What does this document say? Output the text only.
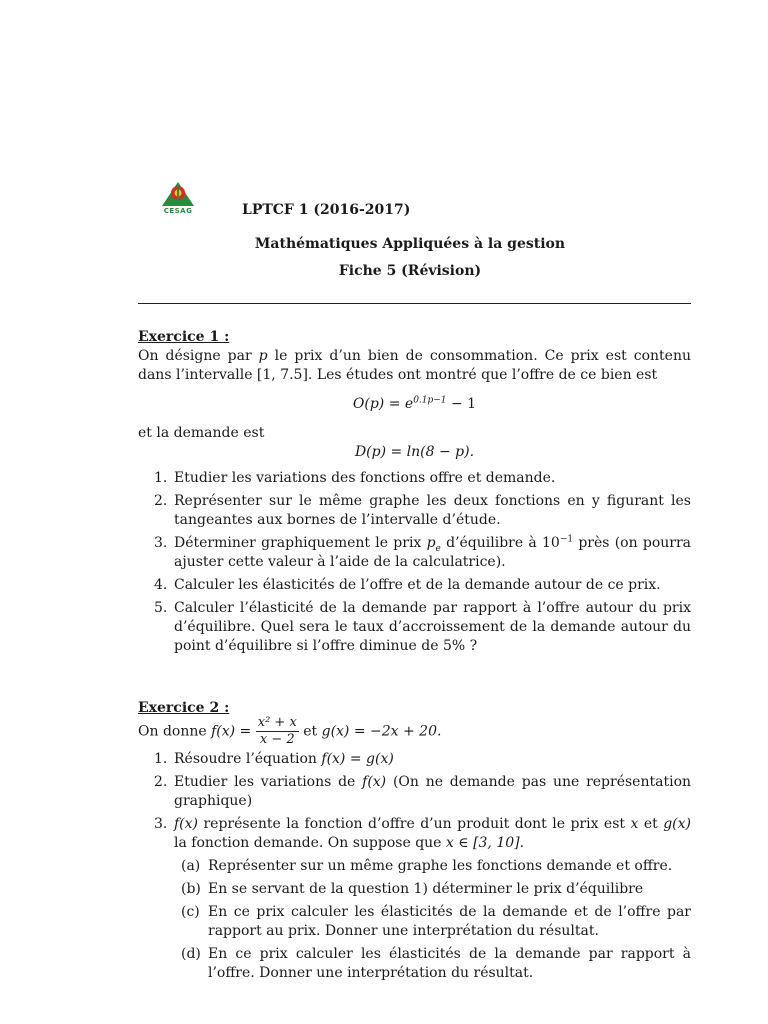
CESAG	LPTCF 1 (2016-2017)
Mathématiques Appliquées à la gestion
Fiche 5 (Révision)

Exercice 1 :

On désigne par p le prix d’un bien de consommation. Ce prix est contenu dans l’intervalle [1, 7.5]. Les études ont montré que l’offre de ce bien est

$O(p) = e^{0.1p-1} - 1$

et la demande est

D(p) = ln(8 − p).

1. Etudier les variations des fonctions offre et demande.
2. Représenter sur le même graphe les deux fonctions en y figurant les tangeantes aux bornes de l’intervalle d’étude.
3. Déterminer graphiquement le prix $p_e$ d’équilibre à $10^{-1}$ près (on pourra ajuster cette valeur à l’aide de la calculatrice).
4. Calculer les élasticités de l’offre et de la demande autour de ce prix.
5. Calculer l’élasticité de la demande par rapport à l’offre autour du prix d’équilibre. Quel sera le taux d’accroissement de la demande autour du point d’équilibre si l’offre diminue de 5% ?

Exercice 2 :

On donne $f(x) = \frac{\text{x² + x}}{x - 2}$ et g(x) = −2x + 20.

1. Résoudre l’équation f(x) = g(x)
2. Etudier les variations de f(x) (On ne demande pas une représentation graphique)
3. f(x) représente la fonction d’offre d’un produit dont le prix est x et g(x) la fonction demande. On suppose que x ∈ [3, 10].
(a) Représenter sur un même graphe les fonctions demande et offre.
(b) En se servant de la question 1) déterminer le prix d’équilibre
(c) En ce prix calculer les élasticités de la demande et de l’offre par rapport au prix. Donner une interprétation du résultat.
(d) En ce prix calculer les élasticités de la demande par rapport à l’offre. Donner une interprétation du résultat.
